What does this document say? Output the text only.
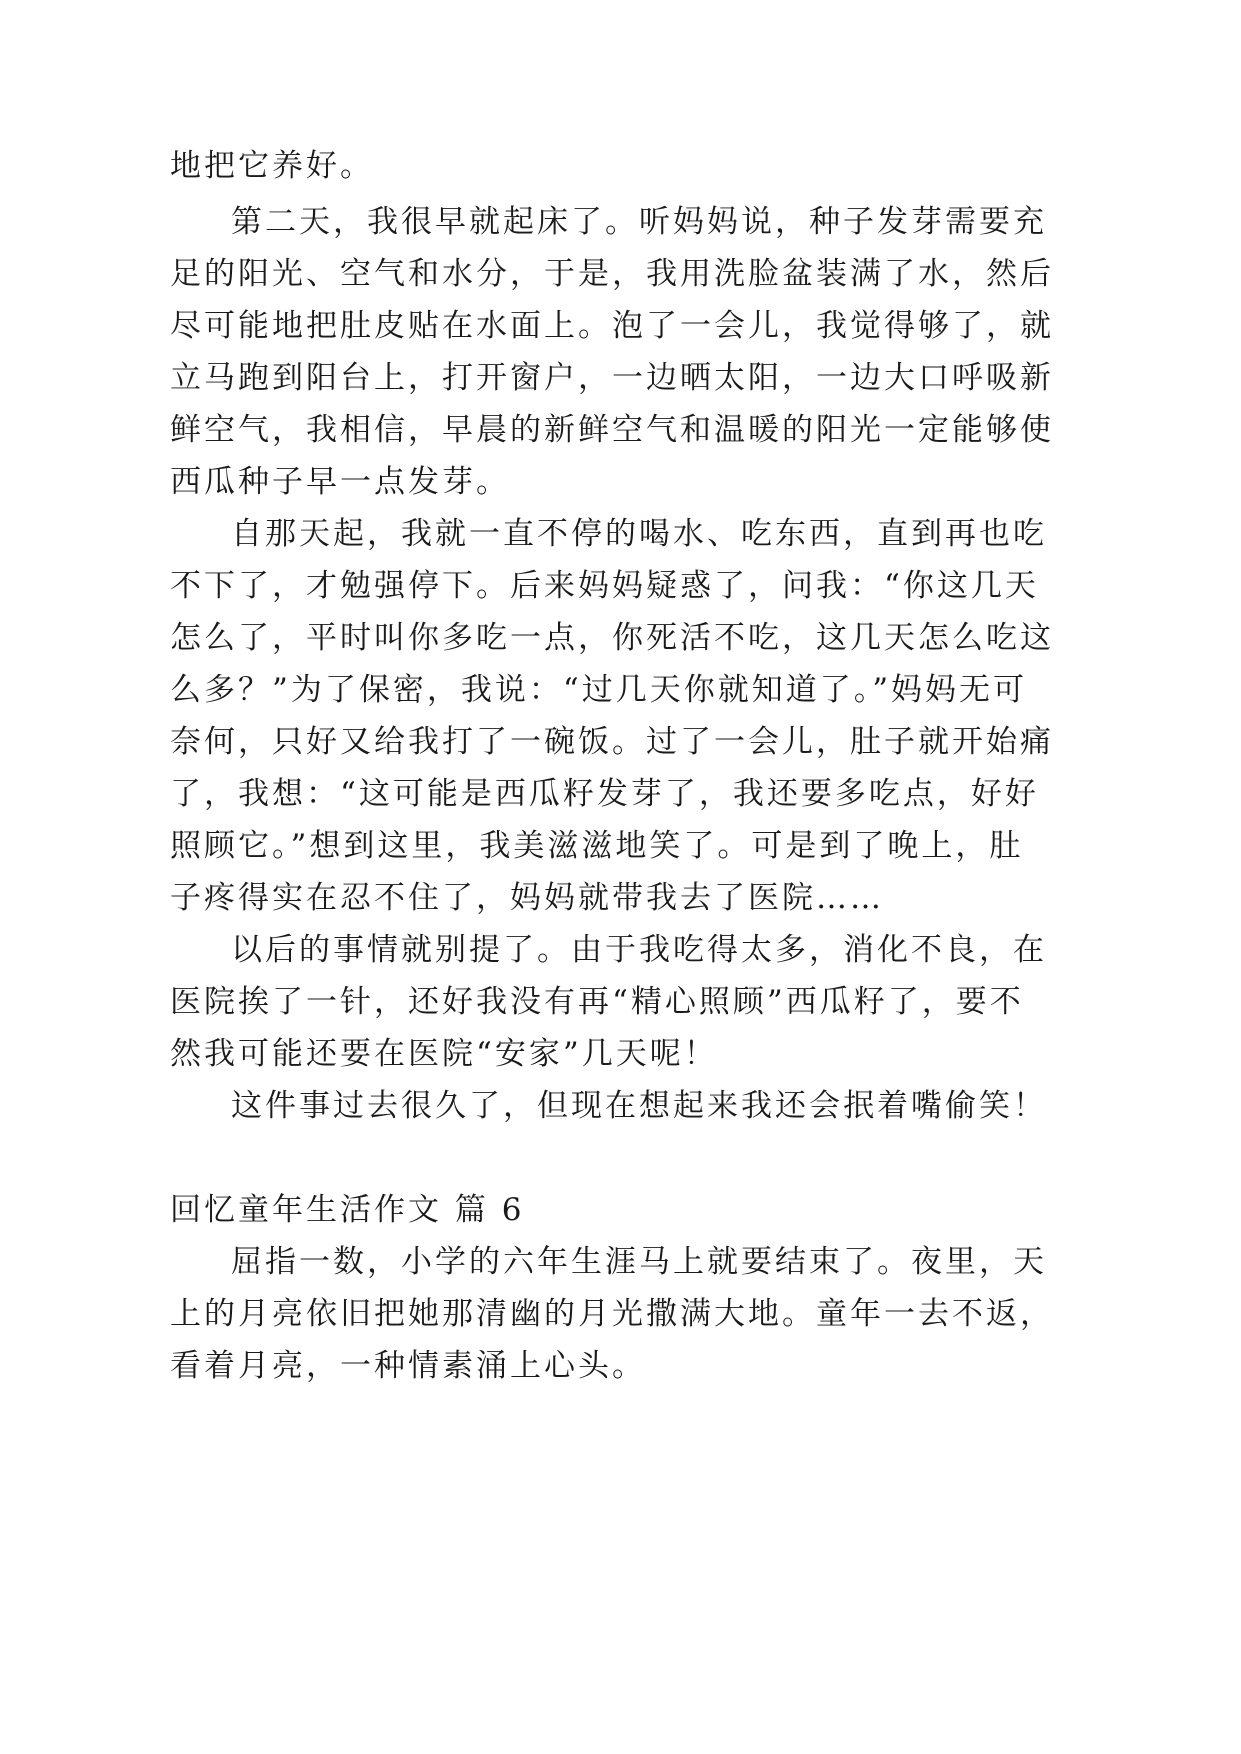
地把它养好。
第二天，我很早就起床了。听妈妈说，种子发芽需要充
足的阳光、空气和水分，于是，我用洗脸盆装满了水，然后
尽可能地把肚皮贴在水面上。泡了一会儿，我觉得够了，就
立马跑到阳台上，打开窗户，一边晒太阳，一边大口呼吸新
鲜空气，我相信，早晨的新鲜空气和温暖的阳光一定能够使
西瓜种子早一点发芽。
自那天起，我就一直不停的喝水、吃东西，直到再也吃
不下了，才勉强停下。后来妈妈疑惑了，问我：“你这几天
怎么了，平时叫你多吃一点，你死活不吃，这几天怎么吃这
么多？”为了保密，我说：“过几天你就知道了。”妈妈无可
奈何，只好又给我打了一碗饭。过了一会儿，肚子就开始痛
了，我想：“这可能是西瓜籽发芽了，我还要多吃点，好好
照顾它。”想到这里，我美滋滋地笑了。可是到了晚上，肚
子疼得实在忍不住了，妈妈就带我去了医院……
以后的事情就别提了。由于我吃得太多，消化不良，在
医院挨了一针，还好我没有再“精心照顾”西瓜籽了，要不
然我可能还要在医院“安家”几天呢！
这件事过去很久了，但现在想起来我还会抿着嘴偷笑！
回忆童年生活作文 篇 6
屈指一数，小学的六年生涯马上就要结束了。夜里，天
上的月亮依旧把她那清幽的月光撒满大地。童年一去不返，
看着月亮，一种情素涌上心头。
